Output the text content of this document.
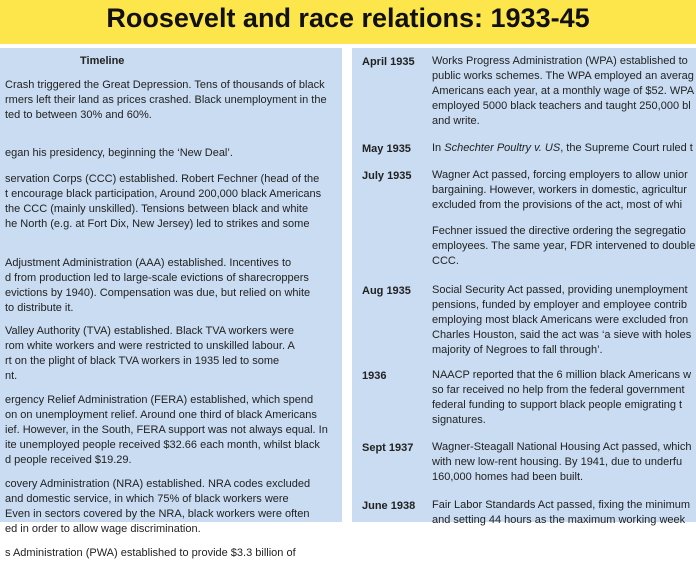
Roosevelt and race relations: 1933-45
Timeline
Crash triggered the Great Depression. Tens of thousands of black
rmers left their land as prices crashed. Black unemployment in the
ted to between 30% and 60%.
egan his presidency, beginning the ‘New Deal’.
servation Corps (CCC) established. Robert Fechner (head of the
t encourage black participation, Around 200,000 black Americans
the CCC (mainly unskilled). Tensions between black and white
he North (e.g. at Fort Dix, New Jersey) led to strikes and some
Adjustment Administration (AAA) established. Incentives to
d from production led to large-scale evictions of sharecroppers
evictions by 1940). Compensation was due, but relied on white
to distribute it.
Valley Authority (TVA) established. Black TVA workers were
rom white workers and were restricted to unskilled labour. A
rt on the plight of black TVA workers in 1935 led to some
nt.
ergency Relief Administration (FERA) established, which spend
on on unemployment relief. Around one third of black Americans
ief. However, in the South, FERA support was not always equal. In
ite unemployed people received $32.66 each month, whilst black
d people received $19.29.
covery Administration (NRA) established. NRA codes excluded
and domestic service, in which 75% of black workers were
Even in sectors covered by the NRA, black workers were often
ed in order to allow wage discrimination.
s Administration (PWA) established to provide $3.3 billion of
April 1935 Works Progress Administration (WPA) established to
public works schemes. The WPA employed an averag
Americans each year, at a monthly wage of $52. WPA
employed 5000 black teachers and taught 250,000 bl
and write.
May 1935 In Schechter Poultry v. US, the Supreme Court ruled t
July 1935 Wagner Act passed, forcing employers to allow unior
bargaining. However, workers in domestic, agricultur
excluded from the provisions of the act, most of whi
Fechner issued the directive ordering the segregatio
employees. The same year, FDR intervened to double
CCC.
Aug 1935 Social Security Act passed, providing unemployment
pensions, funded by employer and employee contrib
employing most black Americans were excluded fron
Charles Houston, said the act was ‘a sieve with holes
majority of Negroes to fall through’.
1936	NAACP reported that the 6 million black Americans w
so far received no help from the federal government
federal funding to support black people emigrating t
signatures.
Sept 1937 Wagner-Steagall National Housing Act passed, which
with new low-rent housing. By 1941, due to underfu
160,000 homes had been built.
June 1938 Fair Labor Standards Act passed, fixing the minimum
and setting 44 hours as the maximum working week
